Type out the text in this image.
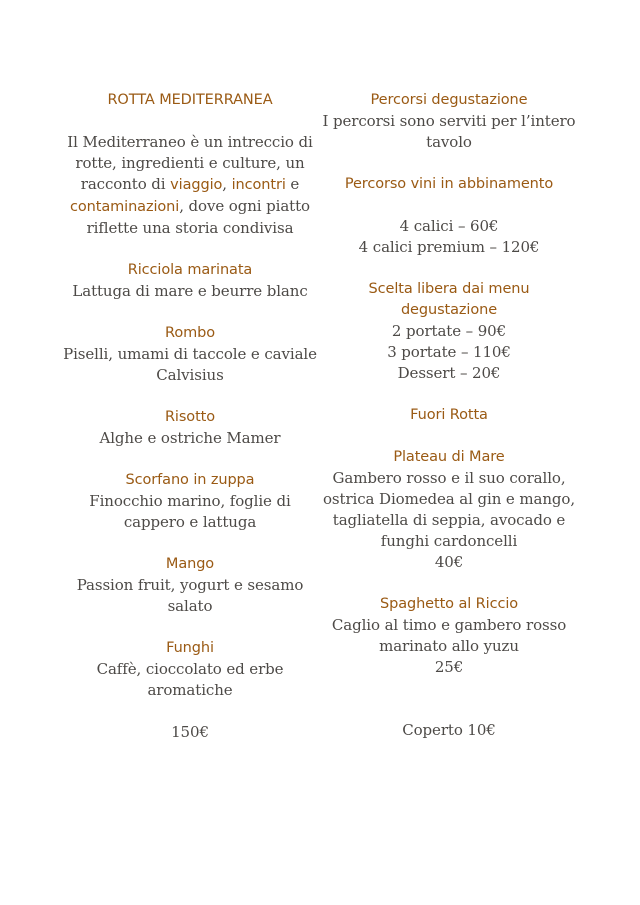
ROTTA MEDITERRANEA
Il Mediterraneo è un intreccio di
rotte, ingredienti e culture, un
racconto di viaggio, incontri e
contaminazioni, dove ogni piatto
riflette una storia condivisa
Ricciola marinata
Lattuga di mare e beurre blanc
Rombo
Piselli, umami di taccole e caviale
Calvisius
Risotto
Alghe e ostriche Mamer
Scorfano in zuppa
Finocchio marino, foglie di
cappero e lattuga
Mango
Passion fruit, yogurt e sesamo
salato
Funghi
Caffè, cioccolato ed erbe
aromatiche
150€
Percorsi degustazione
I percorsi sono serviti per l’intero
tavolo
Percorso vini in abbinamento
4 calici – 60€
4 calici premium – 120€
Scelta libera dai menu
degustazione
2 portate – 90€
3 portate – 110€
Dessert – 20€
Fuori Rotta
Plateau di Mare
Gambero rosso e il suo corallo,
ostrica Diomedea al gin e mango,
tagliatella di seppia, avocado e
funghi cardoncelli
40€
Spaghetto al Riccio
Caglio al timo e gambero rosso
marinato allo yuzu
25€
Coperto 10€
